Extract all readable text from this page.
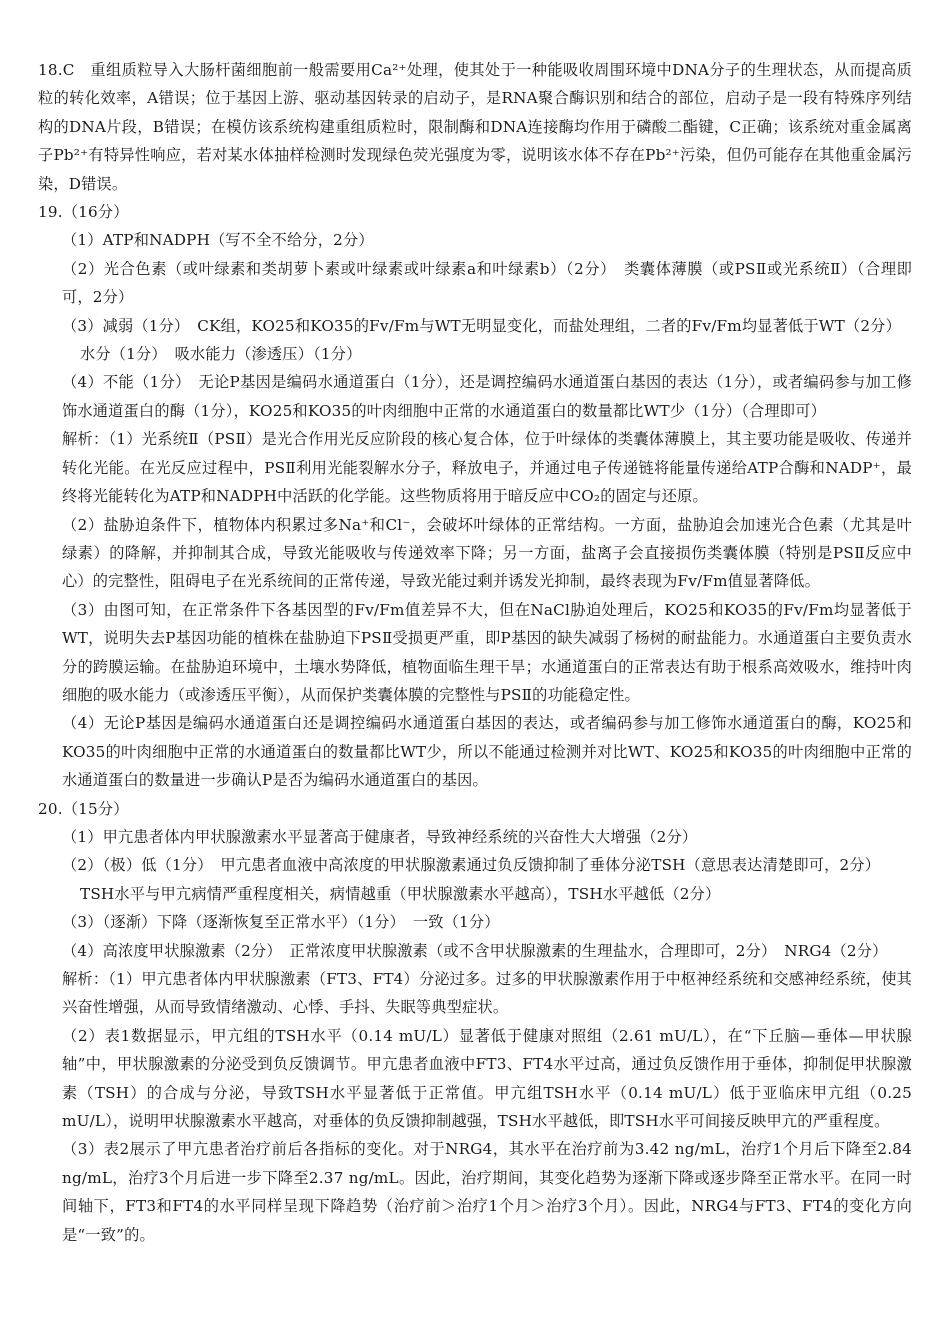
18.C　重组质粒导入大肠杆菌细胞前一般需要用Ca²⁺处理，使其处于一种能吸收周围环境中DNA分子的生理状态，从而提高质粒的转化效率，A错误；位于基因上游、驱动基因转录的启动子，是RNA聚合酶识别和结合的部位，启动子是一段有特殊序列结构的DNA片段，B错误；在模仿该系统构建重组质粒时，限制酶和DNA连接酶均作用于磷酸二酯键，C正确；该系统对重金属离子Pb²⁺有特异性响应，若对某水体抽样检测时发现绿色荧光强度为零，说明该水体不存在Pb²⁺污染，但仍可能存在其他重金属污染，D错误。

19.（16分）

（1）ATP和NADPH（写不全不给分，2分）

（2）光合色素（或叶绿素和类胡萝卜素或叶绿素或叶绿素a和叶绿素b）（2分）　类囊体薄膜（或PSⅡ或光系统Ⅱ）（合理即可，2分）

（3）减弱（1分）　CK组，KO25和KO35的Fv/Fm与WT无明显变化，而盐处理组，二者的Fv/Fm均显著低于WT（2分）

水分（1分）　吸水能力（渗透压）（1分）

（4）不能（1分）　无论P基因是编码水通道蛋白（1分），还是调控编码水通道蛋白基因的表达（1分），或者编码参与加工修饰水通道蛋白的酶（1分），KO25和KO35的叶肉细胞中正常的水通道蛋白的数量都比WT少（1分）（合理即可）

解析：（1）光系统Ⅱ（PSⅡ）是光合作用光反应阶段的核心复合体，位于叶绿体的类囊体薄膜上，其主要功能是吸收、传递并转化光能。在光反应过程中，PSⅡ利用光能裂解水分子，释放电子，并通过电子传递链将能量传递给ATP合酶和NADP⁺，最终将光能转化为ATP和NADPH中活跃的化学能。这些物质将用于暗反应中CO₂的固定与还原。

（2）盐胁迫条件下，植物体内积累过多Na⁺和Cl⁻，会破坏叶绿体的正常结构。一方面，盐胁迫会加速光合色素（尤其是叶绿素）的降解，并抑制其合成，导致光能吸收与传递效率下降；另一方面，盐离子会直接损伤类囊体膜（特别是PSⅡ反应中心）的完整性，阻碍电子在光系统间的正常传递，导致光能过剩并诱发光抑制，最终表现为Fv/Fm值显著降低。

（3）由图可知，在正常条件下各基因型的Fv/Fm值差异不大，但在NaCl胁迫处理后，KO25和KO35的Fv/Fm均显著低于WT，说明失去P基因功能的植株在盐胁迫下PSⅡ受损更严重，即P基因的缺失减弱了杨树的耐盐能力。水通道蛋白主要负责水分的跨膜运输。在盐胁迫环境中，土壤水势降低，植物面临生理干旱；水通道蛋白的正常表达有助于根系高效吸水，维持叶肉细胞的吸水能力（或渗透压平衡），从而保护类囊体膜的完整性与PSⅡ的功能稳定性。

（4）无论P基因是编码水通道蛋白还是调控编码水通道蛋白基因的表达，或者编码参与加工修饰水通道蛋白的酶，KO25和KO35的叶肉细胞中正常的水通道蛋白的数量都比WT少，所以不能通过检测并对比WT、KO25和KO35的叶肉细胞中正常的水通道蛋白的数量进一步确认P是否为编码水通道蛋白的基因。

20.（15分）

（1）甲亢患者体内甲状腺激素水平显著高于健康者，导致神经系统的兴奋性大大增强（2分）

（2）（极）低（1分）　甲亢患者血液中高浓度的甲状腺激素通过负反馈抑制了垂体分泌TSH（意思表达清楚即可，2分）

TSH水平与甲亢病情严重程度相关，病情越重（甲状腺激素水平越高），TSH水平越低（2分）

（3）（逐渐）下降（逐渐恢复至正常水平）（1分）　一致（1分）

（4）高浓度甲状腺激素（2分）　正常浓度甲状腺激素（或不含甲状腺激素的生理盐水，合理即可，2分）　NRG4（2分）

解析：（1）甲亢患者体内甲状腺激素（FT3、FT4）分泌过多。过多的甲状腺激素作用于中枢神经系统和交感神经系统，使其兴奋性增强，从而导致情绪激动、心悸、手抖、失眠等典型症状。

（2）表1数据显示，甲亢组的TSH水平（0.14 mU/L）显著低于健康对照组（2.61 mU/L），在“下丘脑—垂体—甲状腺轴”中，甲状腺激素的分泌受到负反馈调节。甲亢患者血液中FT3、FT4水平过高，通过负反馈作用于垂体，抑制促甲状腺激素（TSH）的合成与分泌，导致TSH水平显著低于正常值。甲亢组TSH水平（0.14 mU/L）低于亚临床甲亢组（0.25 mU/L），说明甲状腺激素水平越高，对垂体的负反馈抑制越强，TSH水平越低，即TSH水平可间接反映甲亢的严重程度。

（3）表2展示了甲亢患者治疗前后各指标的变化。对于NRG4，其水平在治疗前为3.42 ng/mL，治疗1个月后下降至2.84 ng/mL，治疗3个月后进一步下降至2.37 ng/mL。因此，治疗期间，其变化趋势为逐渐下降或逐步降至正常水平。在同一时间轴下，FT3和FT4的水平同样呈现下降趋势（治疗前＞治疗1个月＞治疗3个月）。因此，NRG4与FT3、FT4的变化方向是“一致”的。
